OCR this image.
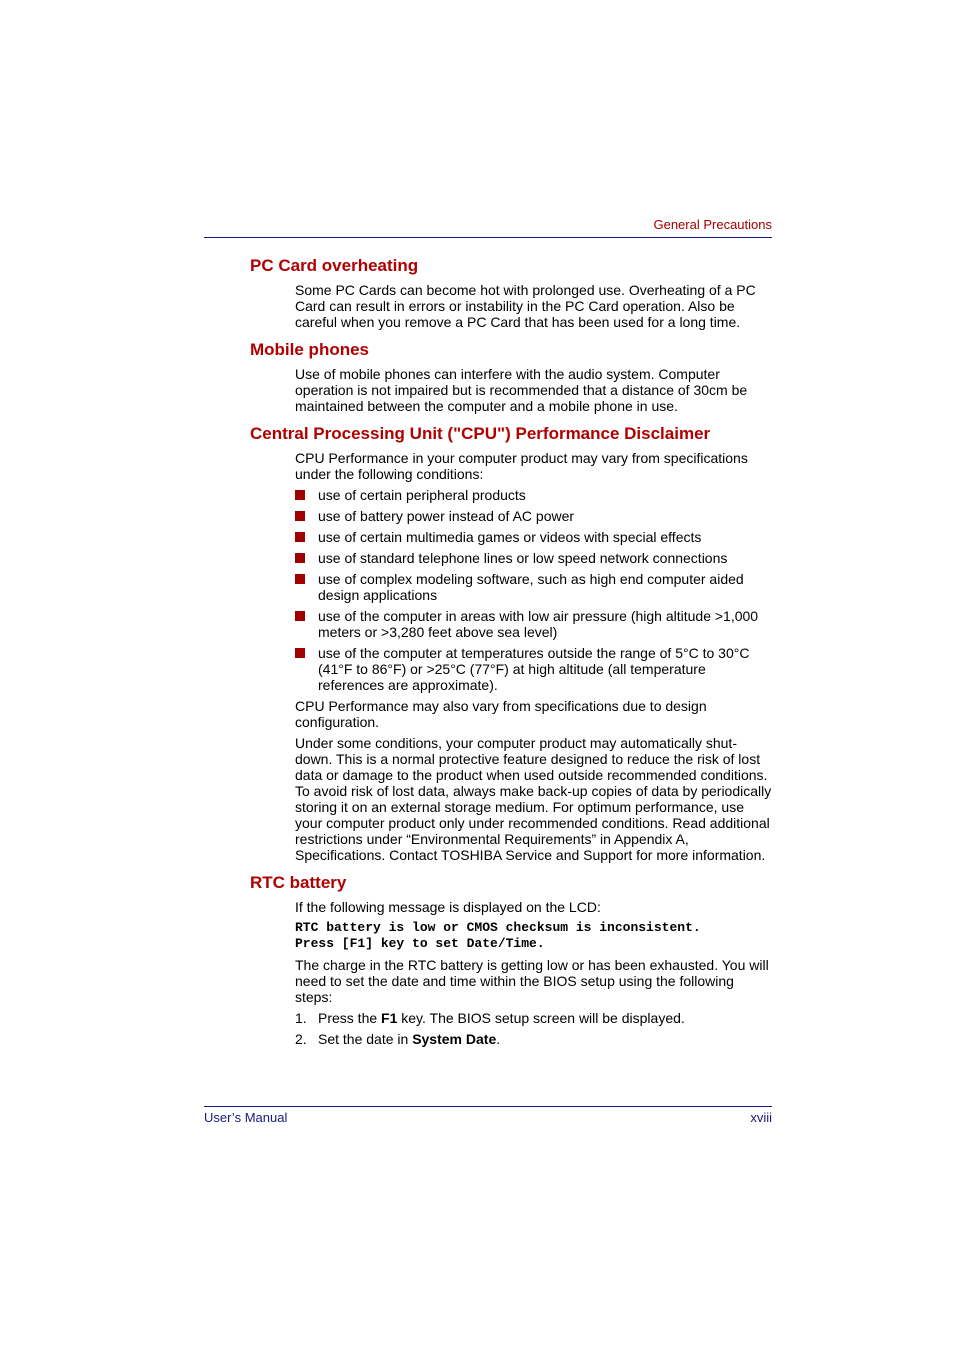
General Precautions
PC Card overheating

Some PC Cards can become hot with prolonged use. Overheating of a PC Card can result in errors or instability in the PC Card operation. Also be careful when you remove a PC Card that has been used for a long time.

Mobile phones

Use of mobile phones can interfere with the audio system. Computer operation is not impaired but is recommended that a distance of 30cm be maintained between the computer and a mobile phone in use.

Central Processing Unit ("CPU") Performance Disclaimer

CPU Performance in your computer product may vary from specifications under the following conditions:

use of certain peripheral products
use of battery power instead of AC power
use of certain multimedia games or videos with special effects
use of standard telephone lines or low speed network connections
use of complex modeling software, such as high end computer aided design applications
use of the computer in areas with low air pressure (high altitude >1,000 meters or >3,280 feet above sea level)
use of the computer at temperatures outside the range of 5°C to 30°C (41°F to 86°F) or >25°C (77°F) at high altitude (all temperature references are approximate).

CPU Performance may also vary from specifications due to design configuration.

Under some conditions, your computer product may automatically shut-down. This is a normal protective feature designed to reduce the risk of lost data or damage to the product when used outside recommended conditions. To avoid risk of lost data, always make back-up copies of data by periodically storing it on an external storage medium. For optimum performance, use your computer product only under recommended conditions. Read additional restrictions under “Environmental Requirements” in Appendix A, Specifications. Contact TOSHIBA Service and Support for more information.

RTC battery

If the following message is displayed on the LCD:

RTC battery is low or CMOS checksum is inconsistent.
Press [F1] key to set Date/Time.

The charge in the RTC battery is getting low or has been exhausted. You will need to set the date and time within the BIOS setup using the following steps:

1. Press the F1 key. The BIOS setup screen will be displayed.
2. Set the date in System Date.
User’s Manual	xviii
